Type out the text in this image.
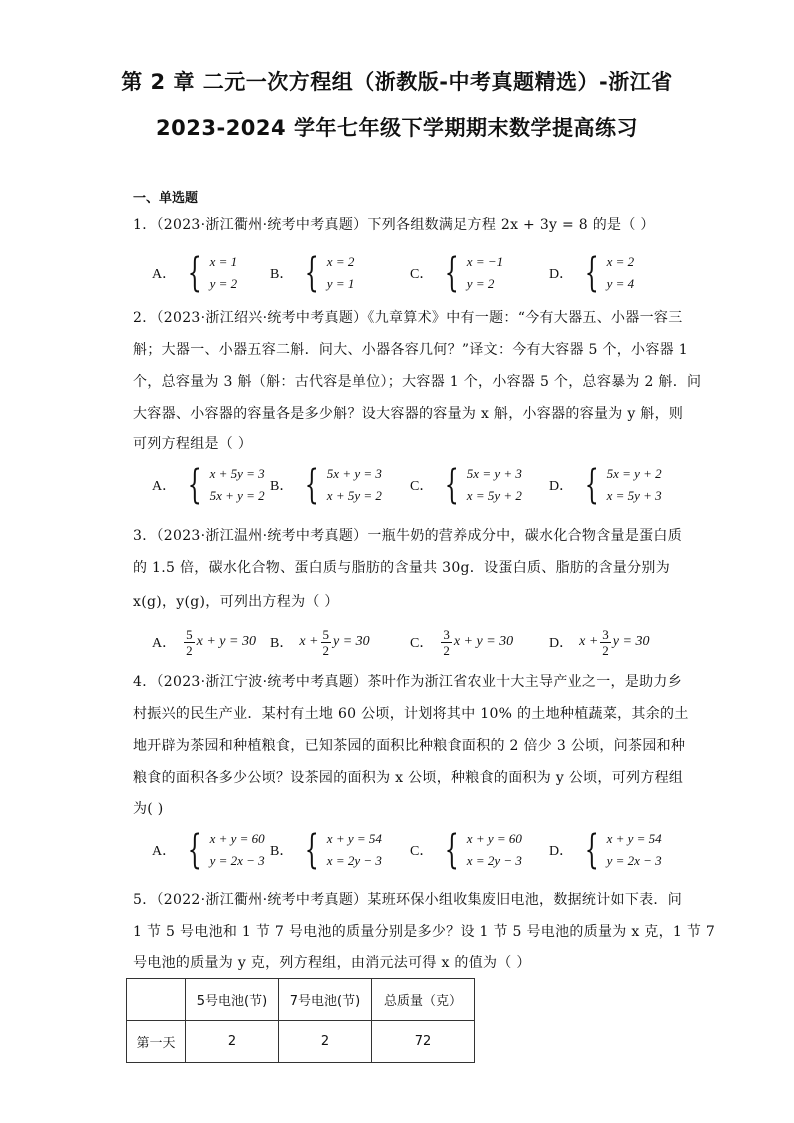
第 2 章 二元一次方程组（浙教版-中考真题精选）-浙江省
2023-2024 学年七年级下学期期末数学提高练习
一、单选题
1．（2023·浙江衢州·统考中考真题）下列各组数满足方程 2x + 3y = 8 的是（ ）
A． { x = 1
y = 2
B． { x = 2
y = 1
C． { x = −1
y = 2
D． { x = 2
y = 4
2．（2023·浙江绍兴·统考中考真题）《九章算术》中有一题：“今有大器五、小器一容三
斛；大器一、小器五容二斛．问大、小器各容几何？”译文：今有大容器 5 个，小容器 1
个，总容量为 3 斛（斛：古代容是单位）；大容器 1 个，小容器 5 个，总容暴为 2 斛．问
大容器、小容器的容量各是多少斛？设大容器的容量为 x 斛，小容器的容量为 y 斛，则
可列方程组是（ ）
A． { x + 5y = 3
5x + y = 2
B． { 5x + y = 3
x + 5y = 2
C． { 5x = y + 3
x = 5y + 2
D． { 5x = y + 2
x = 5y + 3
3．（2023·浙江温州·统考中考真题）一瓶牛奶的营养成分中，碳水化合物含量是蛋白质
的 1.5 倍，碳水化合物、蛋白质与脂肪的含量共 30g．设蛋白质、脂肪的含量分别为
x(g)，y(g)，可列出方程为（ ）
A． $\frac{5}{2}$ x + y = 30 B． $x + \frac{5}{2}$ y = 30	C． $\frac{3}{2}$ x + y = 30	D． $x + \frac{3}{2}$ y = 30
4．（2023·浙江宁波·统考中考真题）茶叶作为浙江省农业十大主导产业之一，是助力乡
村振兴的民生产业．某村有土地 60 公顷，计划将其中 10% 的土地种植蔬菜，其余的土
地开辟为茶园和种植粮食，已知茶园的面积比种粮食面积的 2 倍少 3 公顷，问茶园和种
粮食的面积各多少公顷？设茶园的面积为 x 公顷，种粮食的面积为 y 公顷，可列方程组
为( )
A． { x + y = 60
y = 2x − 3
B． { x + y = 54
x = 2y − 3
C． { x + y = 60
x = 2y − 3
D． { x + y = 54
y = 2x − 3
5．（2022·浙江衢州·统考中考真题）某班环保小组收集废旧电池，数据统计如下表．问
1 节 5 号电池和 1 节 7 号电池的质量分别是多少？设 1 节 5 号电池的质量为 x 克，1 节 7
号电池的质量为 y 克，列方程组，由消元法可得 x 的值为（ ）
	5号电池(节)	7号电池(节)	总质量（克）
第一天	2	2	72
